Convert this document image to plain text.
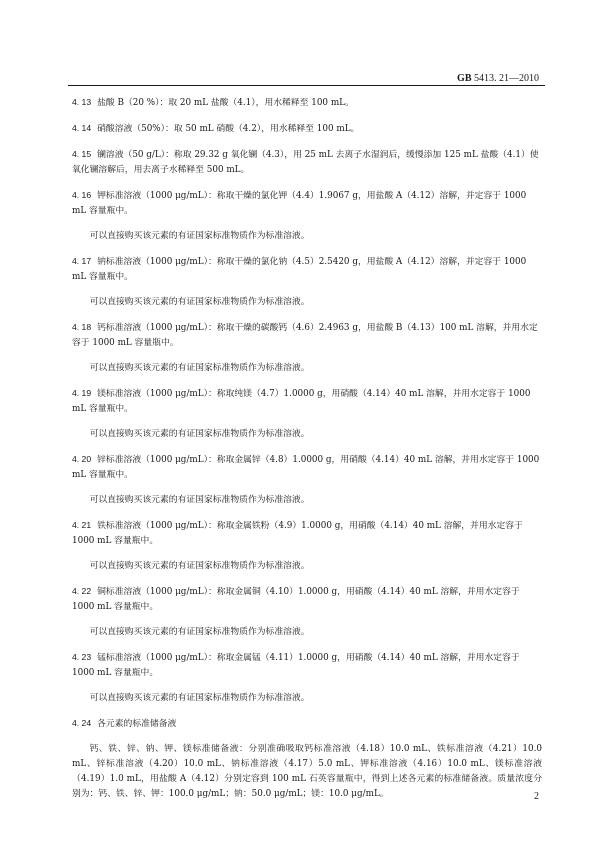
GB 5413. 21—2010
4. 13 盐酸 B（20 %）：取 20 mL 盐酸（4.1），用水稀释至 100 mL。
4. 14 硝酸溶液（50%）：取 50 mL 硝酸（4.2），用水稀释至 100 mL。
4. 15 镧溶液（50 g/L）：称取 29.32 g 氧化镧（4.3），用 25 mL 去离子水湿润后，缓慢添加 125 mL 盐酸（4.1）使氧化镧溶解后，用去离子水稀释至 500 mL。
4. 16 钾标准溶液（1000 μg/mL）：称取干燥的氯化钾（4.4）1.9067 g，用盐酸 A（4.12）溶解，并定容于 1000 mL 容量瓶中。
可以直接购买该元素的有证国家标准物质作为标准溶液。
4. 17 钠标准溶液（1000 μg/mL）：称取干燥的氯化钠（4.5）2.5420 g，用盐酸 A（4.12）溶解，并定容于 1000 mL 容量瓶中。
可以直接购买该元素的有证国家标准物质作为标准溶液。
4. 18 钙标准溶液（1000 μg/mL）：称取干燥的碳酸钙（4.6）2.4963 g，用盐酸 B（4.13）100 mL 溶解，并用水定容于 1000 mL 容量瓶中。
可以直接购买该元素的有证国家标准物质作为标准溶液。
4. 19 镁标准溶液（1000 μg/mL）：称取纯镁（4.7）1.0000 g，用硝酸（4.14）40 mL 溶解，并用水定容于 1000 mL 容量瓶中。
可以直接购买该元素的有证国家标准物质作为标准溶液。
4. 20 锌标准溶液（1000 μg/mL）：称取金属锌（4.8）1.0000 g，用硝酸（4.14）40 mL 溶解，并用水定容于 1000 mL 容量瓶中。
可以直接购买该元素的有证国家标准物质作为标准溶液。
4. 21 铁标准溶液（1000 μg/mL）：称取金属铁粉（4.9）1.0000 g，用硝酸（4.14）40 mL 溶解，并用水定容于 1000 mL 容量瓶中。
可以直接购买该元素的有证国家标准物质作为标准溶液。
4. 22 铜标准溶液（1000 μg/mL）：称取金属铜（4.10）1.0000 g，用硝酸（4.14）40 mL 溶解，并用水定容于 1000 mL 容量瓶中。
可以直接购买该元素的有证国家标准物质作为标准溶液。
4. 23 锰标准溶液（1000 μg/mL）：称取金属锰（4.11）1.0000 g，用硝酸（4.14）40 mL 溶解，并用水定容于 1000 mL 容量瓶中。
可以直接购买该元素的有证国家标准物质作为标准溶液。
4. 24 各元素的标准储备液

钙、铁、锌、钠、钾、镁标准储备液：分别准确吸取钙标准溶液（4.18）10.0 mL、铁标准溶液（4.21）10.0 mL、锌标准溶液（4.20）10.0 mL、钠标准溶液（4.17）5.0 mL、钾标准溶液（4.16）10.0 mL、镁标准溶液（4.19）1.0 mL，用盐酸 A（4.12）分别定容到 100 mL 石英容量瓶中，得到上述各元素的标准储备液。质量浓度分别为：钙、铁、锌、钾：100.0 μg/mL；钠：50.0 μg/mL；镁：10.0 μg/mL。	2
